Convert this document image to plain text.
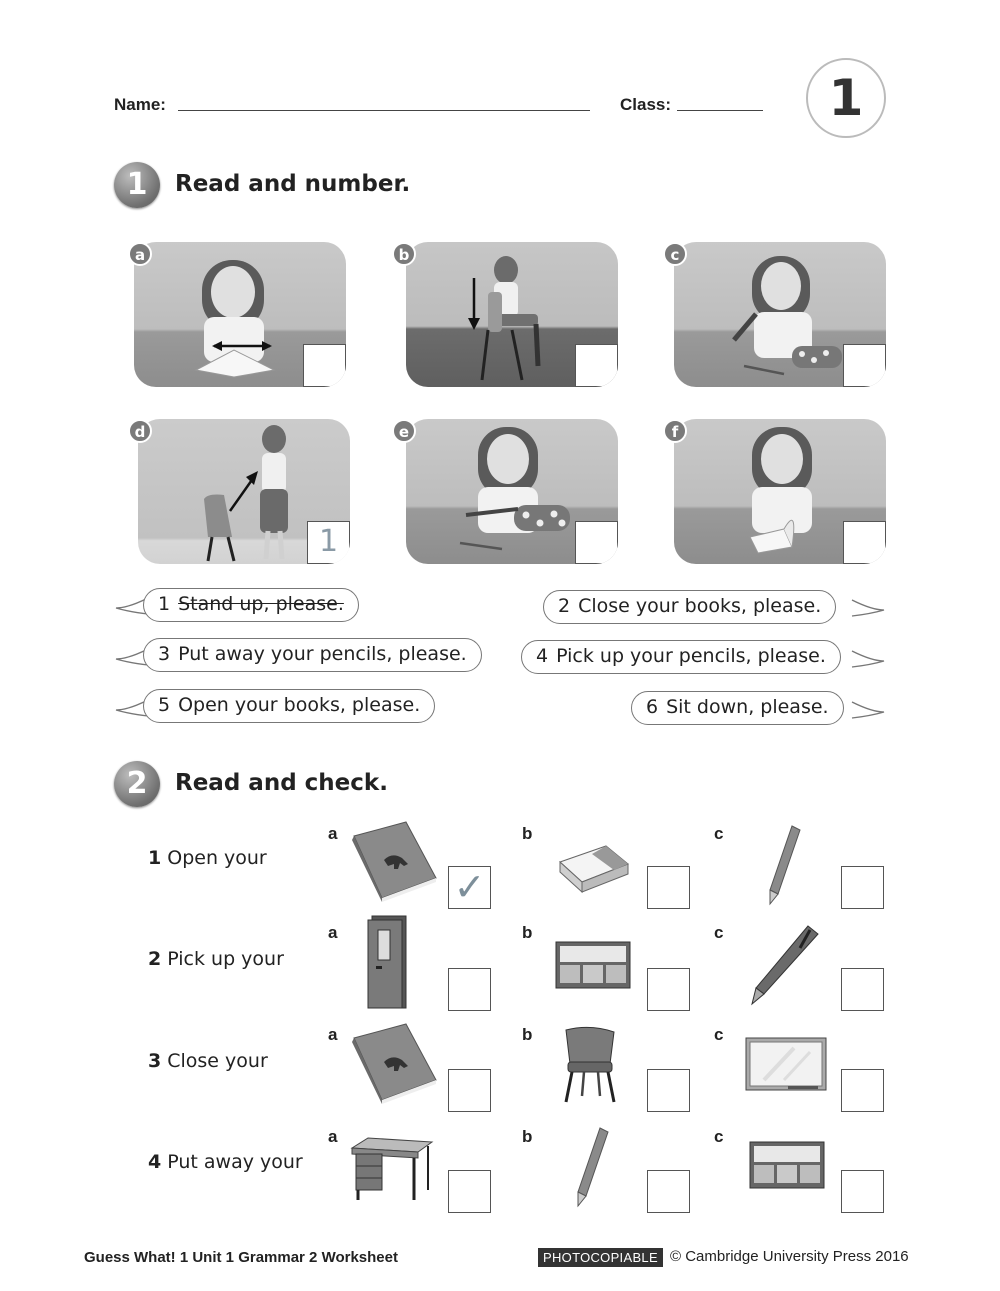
Name:	Class:	1
1	Read and number.
a	b	c
1
d	e	f
1 Stand up, please.	2 Close your books, please.
3 Put away your pencils, please.	4 Pick up your pencils, please.
5 Open your books, please.	6 Sit down, please.
2	Read and check.
1 Open your
a	b	c
✓
2 Pick up your
a	b	c
3 Close your
a	b	c
4 Put away your
a	b	c
Guess What! 1 Unit 1 Grammar 2 Worksheet	PHOTOCOPIABLE © Cambridge University Press 2016
